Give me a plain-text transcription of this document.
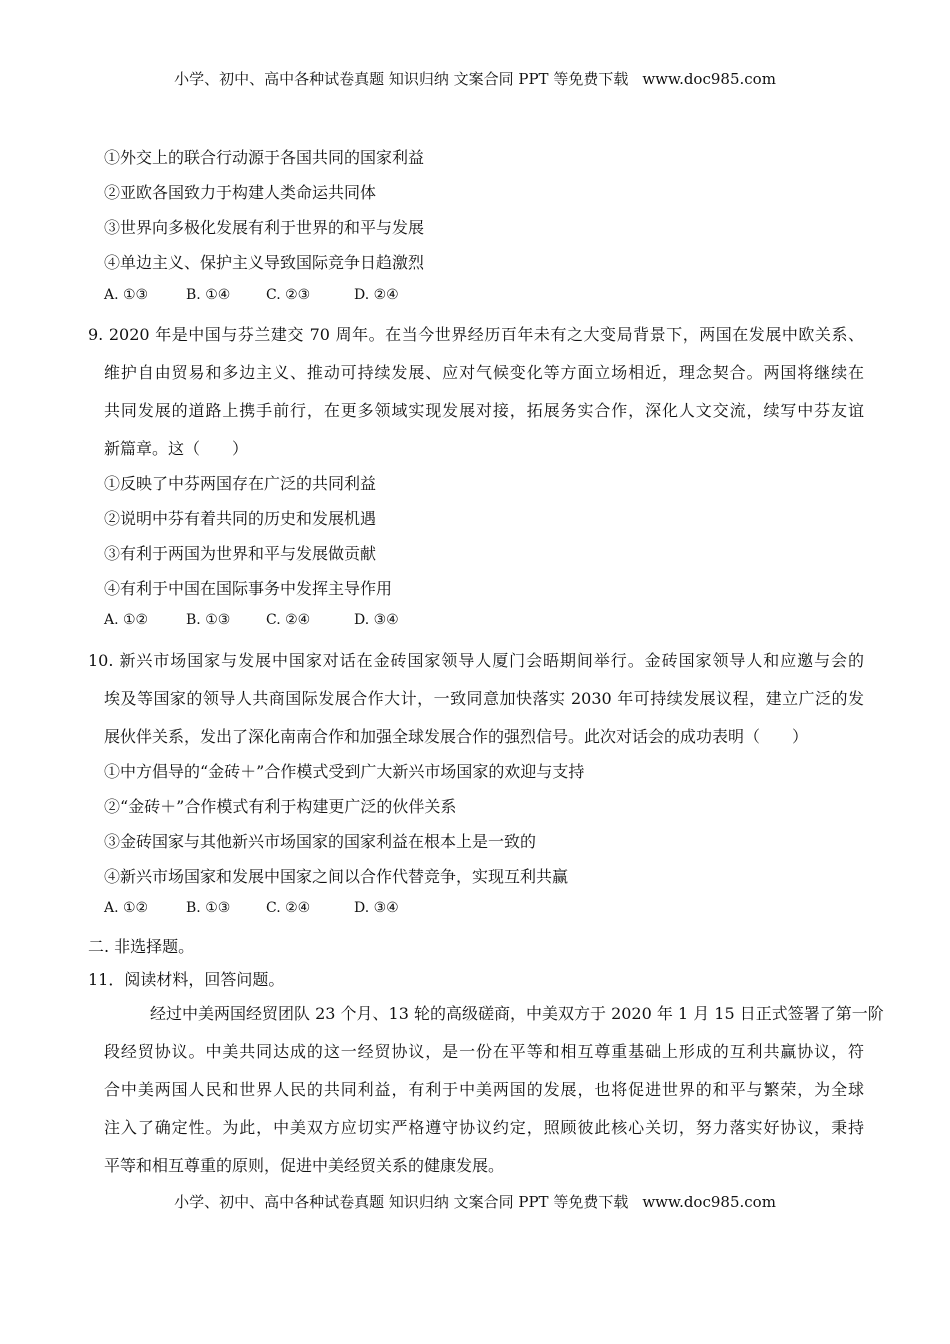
小学、初中、高中各种试卷真题 知识归纳 文案合同 PPT 等免费下载 www.doc985.com
①外交上的联合行动源于各国共同的国家利益
②亚欧各国致力于构建人类命运共同体
③世界向多极化发展有利于世界的和平与发展
④单边主义、保护主义导致国际竞争日趋激烈
A. ①③	B. ①④	C. ②③	D. ②④
9. 2020 年是中国与芬兰建交 70 周年。在当今世界经历百年未有之大变局背景下，两国在发展中欧关系、
维护自由贸易和多边主义、推动可持续发展、应对气候变化等方面立场相近，理念契合。两国将继续在
共同发展的道路上携手前行，在更多领域实现发展对接，拓展务实合作，深化人文交流，续写中芬友谊
新篇章。这（　　）
①反映了中芬两国存在广泛的共同利益
②说明中芬有着共同的历史和发展机遇
③有利于两国为世界和平与发展做贡献
④有利于中国在国际事务中发挥主导作用
A. ①②	B. ①③	C. ②④	D. ③④
10. 新兴市场国家与发展中国家对话在金砖国家领导人厦门会晤期间举行。金砖国家领导人和应邀与会的
埃及等国家的领导人共商国际发展合作大计，一致同意加快落实 2030 年可持续发展议程，建立广泛的发
展伙伴关系，发出了深化南南合作和加强全球发展合作的强烈信号。此次对话会的成功表明（　　）
①中方倡导的“金砖＋”合作模式受到广大新兴市场国家的欢迎与支持
②“金砖＋”合作模式有利于构建更广泛的伙伴关系
③金砖国家与其他新兴市场国家的国家利益在根本上是一致的
④新兴市场国家和发展中国家之间以合作代替竞争，实现互利共赢
A. ①②	B. ①③	C. ②④	D. ③④
二. 非选择题。
11．阅读材料，回答问题。
经过中美两国经贸团队 23 个月、13 轮的高级磋商，中美双方于 2020 年 1 月 15 日正式签署了第一阶
段经贸协议。中美共同达成的这一经贸协议，是一份在平等和相互尊重基础上形成的互利共赢协议，符
合中美两国人民和世界人民的共同利益，有利于中美两国的发展，也将促进世界的和平与繁荣，为全球
注入了确定性。为此，中美双方应切实严格遵守协议约定，照顾彼此核心关切，努力落实好协议，秉持
平等和相互尊重的原则，促进中美经贸关系的健康发展。
小学、初中、高中各种试卷真题 知识归纳 文案合同 PPT 等免费下载 www.doc985.com
